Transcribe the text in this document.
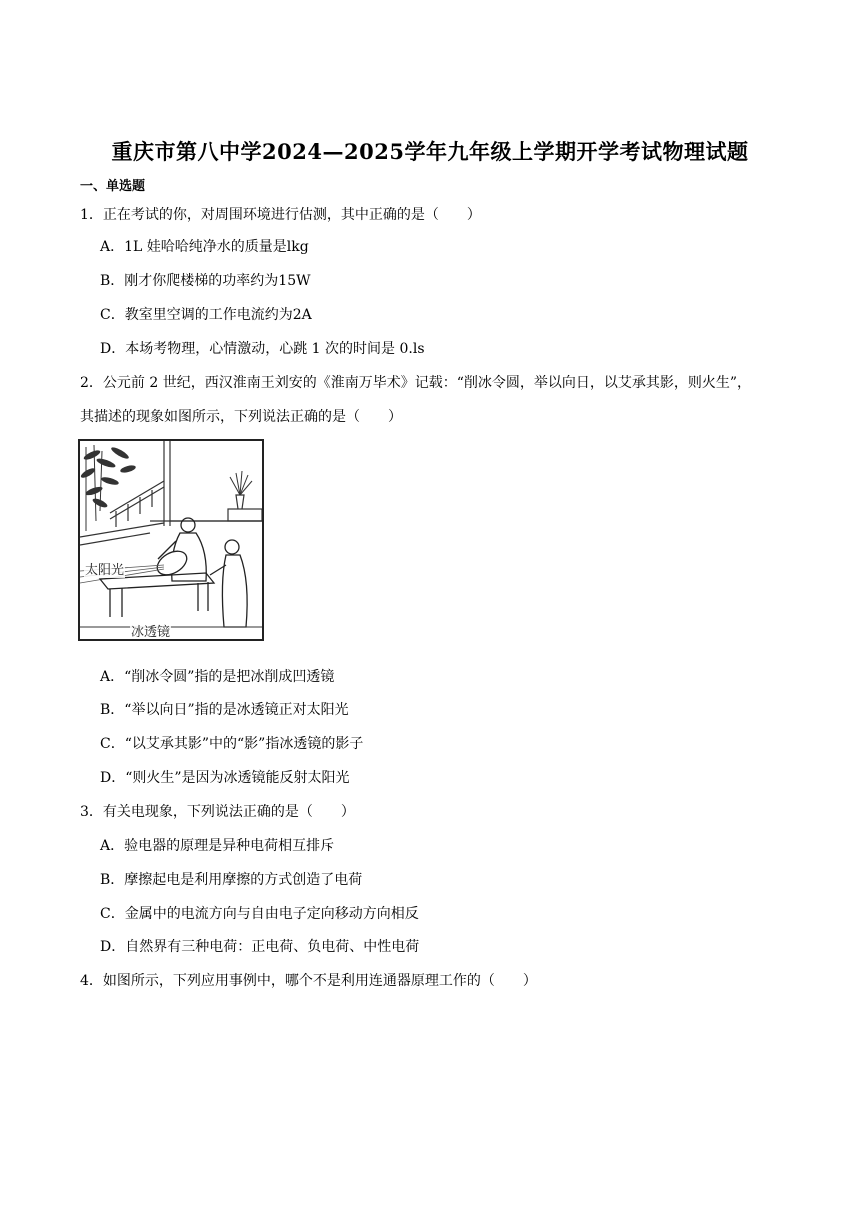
重庆市第八中学2024—2025学年九年级上学期开学考试物理试题
一、单选题
1．正在考试的你，对周围环境进行估测，其中正确的是（　　）
A．1L 娃哈哈纯净水的质量是lkg
B．刚才你爬楼梯的功率约为15W
C．教室里空调的工作电流约为2A
D．本场考物理，心情激动，心跳 1 次的时间是 0.ls
2．公元前 2 世纪，西汉淮南王刘安的《淮南万毕术》记载：“削冰令圆，举以向日，以艾承其影，则火生”，
其描述的现象如图所示，下列说法正确的是（　　）
太阳光
冰透镜
A．“削冰令圆”指的是把冰削成凹透镜
B．“举以向日”指的是冰透镜正对太阳光
C．“以艾承其影”中的“影”指冰透镜的影子
D．“则火生”是因为冰透镜能反射太阳光
3．有关电现象，下列说法正确的是（　　）
A．验电器的原理是异种电荷相互排斥
B．摩擦起电是利用摩擦的方式创造了电荷
C．金属中的电流方向与自由电子定向移动方向相反
D．自然界有三种电荷：正电荷、负电荷、中性电荷
4．如图所示，下列应用事例中，哪个不是利用连通器原理工作的（　　）
